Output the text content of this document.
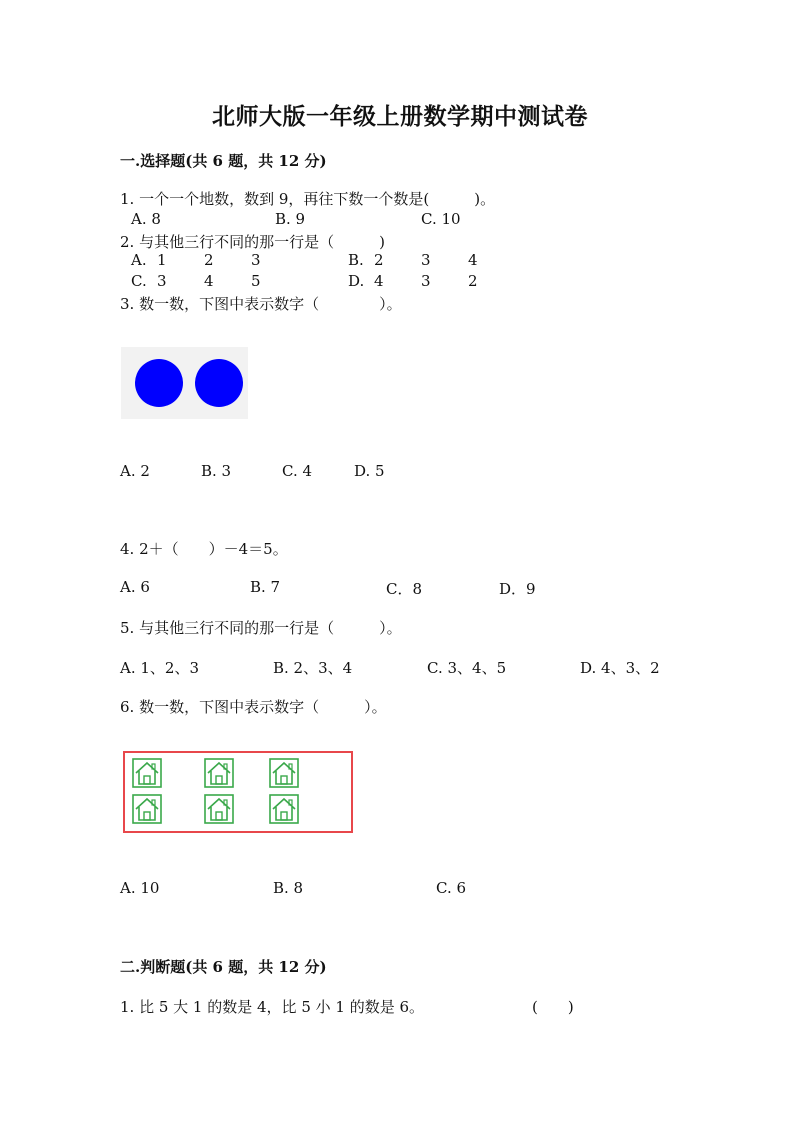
北师大版一年级上册数学期中测试卷
一.选择题(共 6 题，共 12 分)
1. 一个一个地数，数到 9，再往下数一个数是(　　　)。
A. 8	B. 9	C. 10
2. 与其他三行不同的那一行是（　　　)
A. 1 2 3	B. 2 3 4
C. 3 4 5	D. 4 3 2
3. 数一数，下图中表示数字（　　　　）。
A. 2	B. 3	C. 4	D. 5
4. 2＋（　　）－4＝5。
A. 6	B. 7	C．8	D．9
5. 与其他三行不同的那一行是（　　　）。
A. 1、2、3	B. 2、3、4	C. 3、4、5	D. 4、3、2
6. 数一数，下图中表示数字（　　　）。
A. 10	B. 8	C. 6
二.判断题(共 6 题，共 12 分)
1. 比 5 大 1 的数是 4，比 5 小 1 的数是 6。	(　　)
